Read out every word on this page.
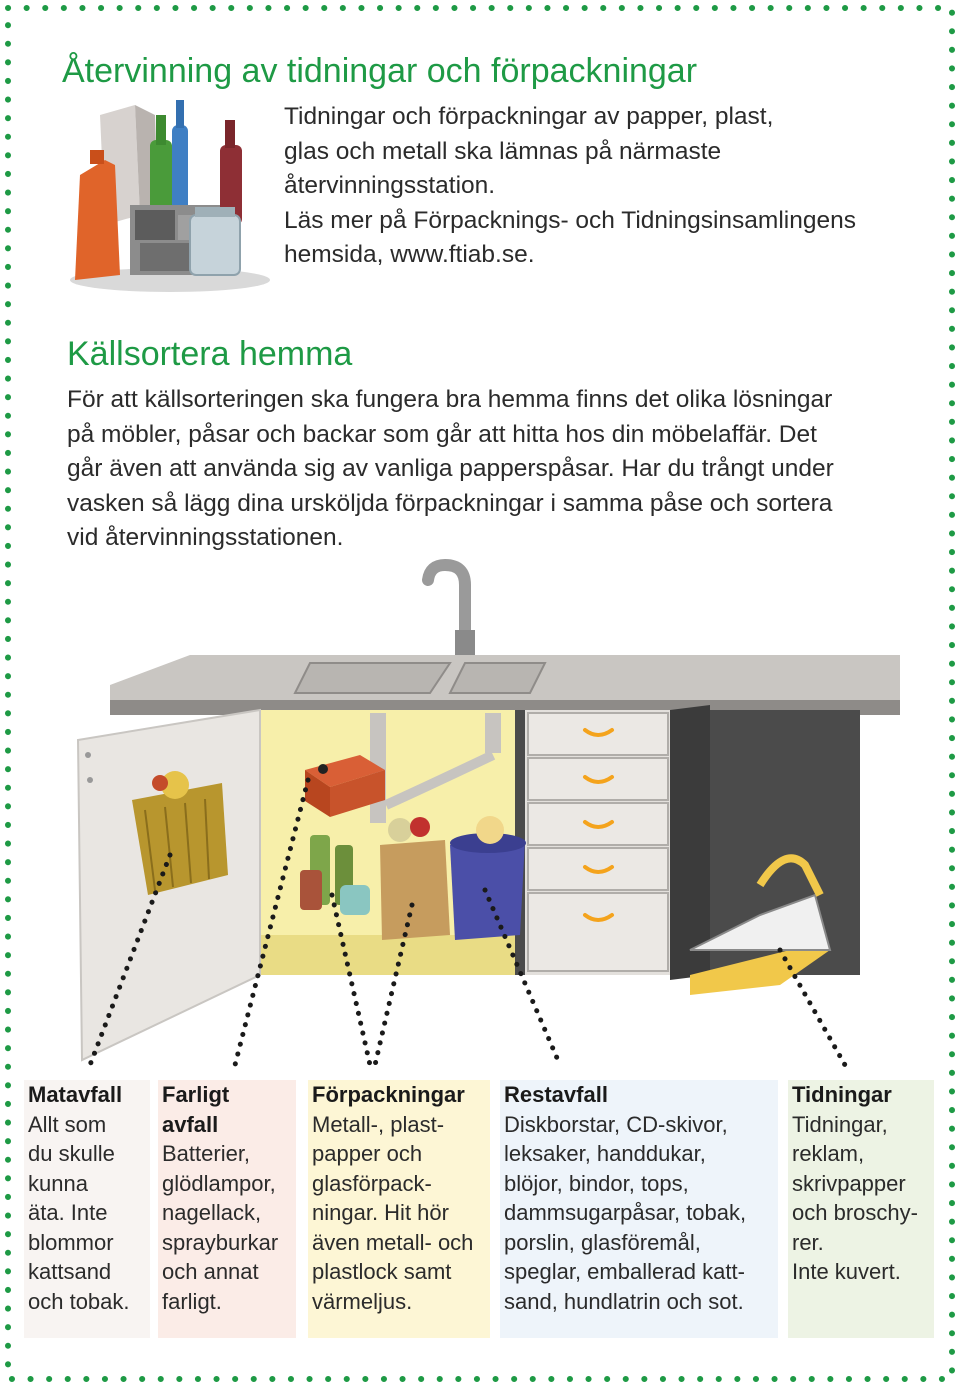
Återvinning av tidningar och förpackningar
Tidningar och förpackningar av papper, plast,
glas och metall ska lämnas på närmaste
återvinningsstation.
Läs mer på Förpacknings- och Tidningsinsamlingens
hemsida, www.ftiab.se.
Källsortera hemma
För att källsorteringen ska fungera bra hemma finns det olika lösningar
på möbler, påsar och backar som går att hitta hos din möbelaffär. Det
går även att använda sig av vanliga papperspåsar. Har du trångt under
vasken så lägg dina ursköljda förpackningar i samma påse och sortera
vid återvinningsstationen.
Matavfall
Allt som
du skulle
kunna
äta. Inte
blommor
kattsand
och tobak.
Farligt
avfall
Batterier,
glödlampor,
nagellack,
sprayburkar
och annat
farligt.
Förpackningar
Metall-, plast-
papper och
glasförpack-
ningar. Hit hör
även metall- och
plastlock samt
värmeljus.
Restavfall
Diskborstar, CD-skivor,
leksaker, handdukar,
blöjor, bindor, tops,
dammsugarpåsar, tobak,
porslin, glasföremål,
speglar, emballerad katt-
sand, hundlatrin och sot.
Tidningar
Tidningar,
reklam,
skrivpapper
och broschy-
rer.
Inte kuvert.
